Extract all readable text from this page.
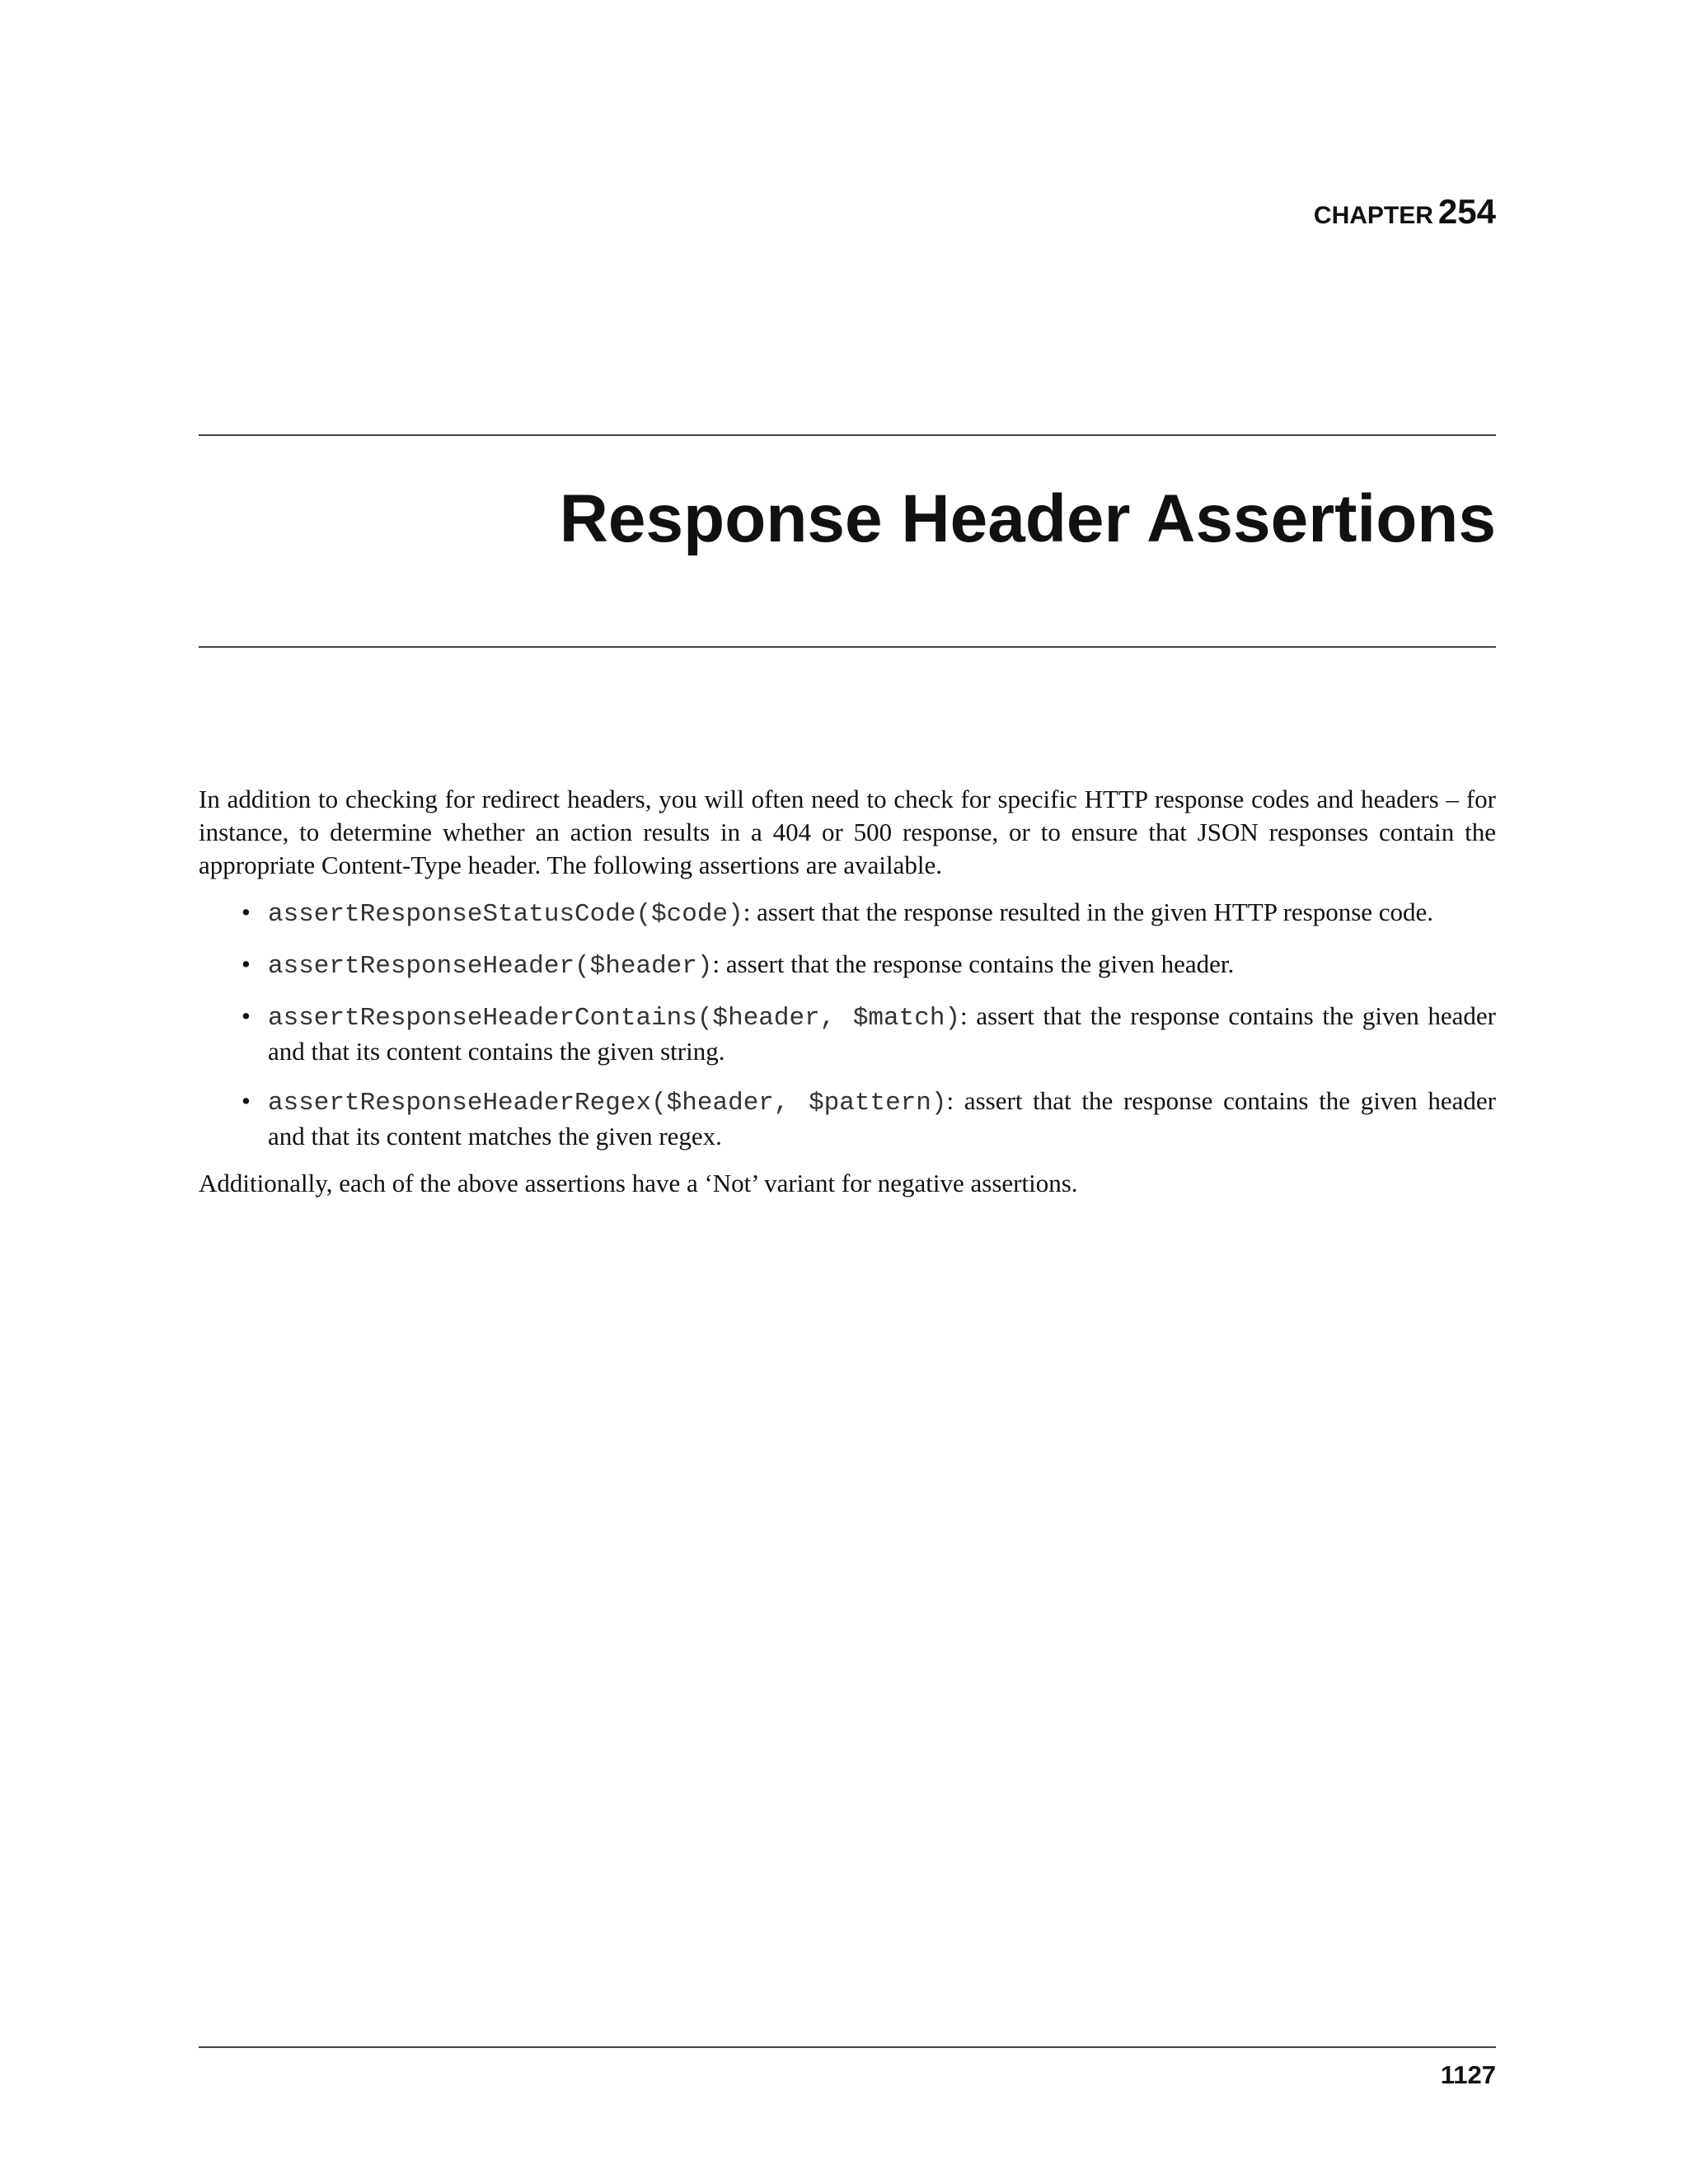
CHAPTER 254
Response Header Assertions

In addition to checking for redirect headers, you will often need to check for specific HTTP response codes and headers – for instance, to determine whether an action results in a 404 or 500 response, or to ensure that JSON responses contain the appropriate Content-Type header. The following assertions are available.

• assertResponseStatusCode($code): assert that the response resulted in the given HTTP response code.
• assertResponseHeader($header): assert that the response contains the given header.
• assertResponseHeaderContains($header, $match): assert that the response contains the given header and that its content contains the given string.
• assertResponseHeaderRegex($header, $pattern): assert that the response contains the given header and that its content matches the given regex.

Additionally, each of the above assertions have a ‘Not’ variant for negative assertions.

1127
